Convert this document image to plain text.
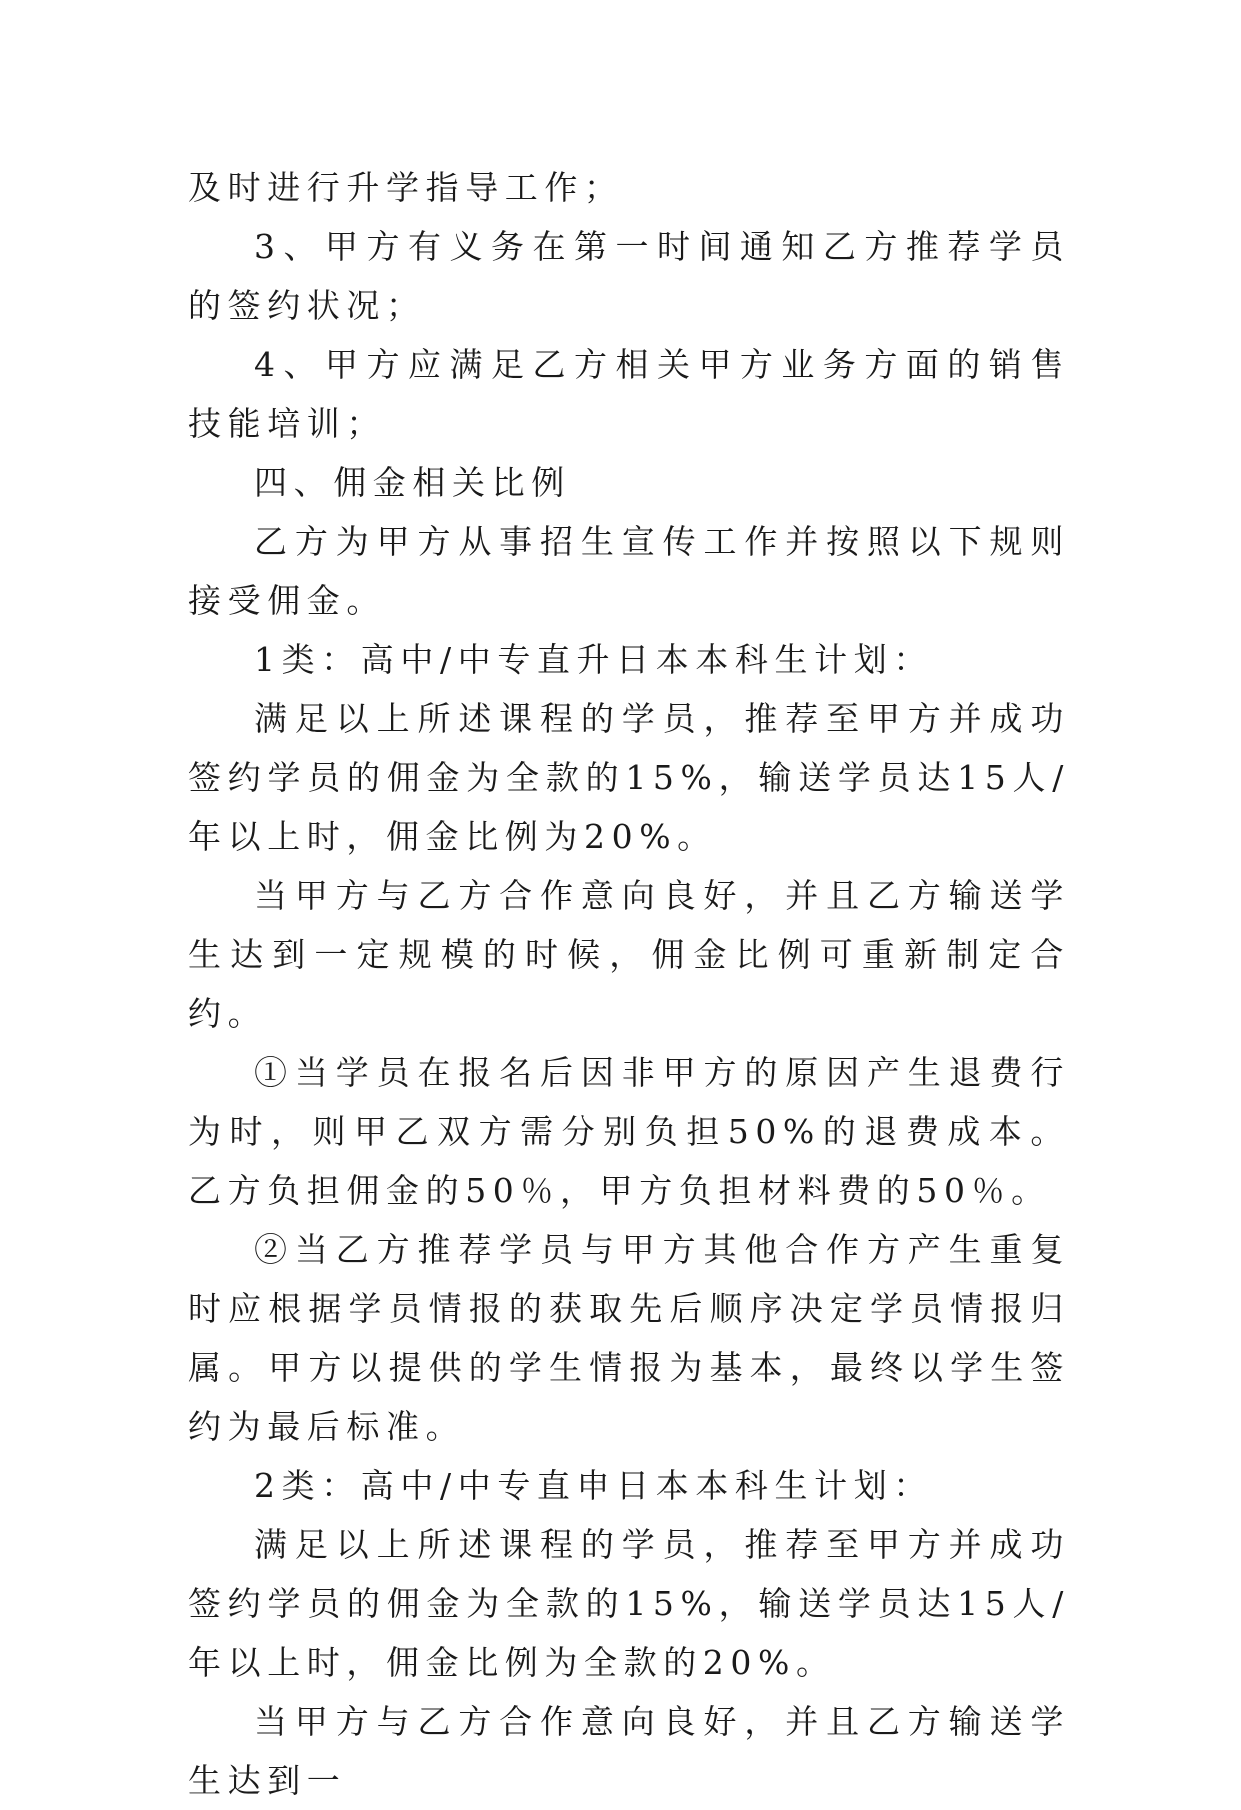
及时进行升学指导工作；

3、甲方有义务在第一时间通知乙方推荐学员的签约状况；

4、甲方应满足乙方相关甲方业务方面的销售技能培训；

四、佣金相关比例

乙方为甲方从事招生宣传工作并按照以下规则接受佣金。

1类：高中/中专直升日本本科生计划：

满足以上所述课程的学员，推荐至甲方并成功签约学员的佣金为全款的15%，输送学员达15人/年以上时，佣金比例为20%。

当甲方与乙方合作意向良好，并且乙方输送学生达到一定规模的时候，佣金比例可重新制定合约。

①当学员在报名后因非甲方的原因产生退费行为时，则甲乙双方需分别负担50%的退费成本。乙方负担佣金的50％，甲方负担材料费的50％。

②当乙方推荐学员与甲方其他合作方产生重复时应根据学员情报的获取先后顺序决定学员情报归属。甲方以提供的学生情报为基本，最终以学生签约为最后标准。

2类：高中/中专直申日本本科生计划：

满足以上所述课程的学员，推荐至甲方并成功签约学员的佣金为全款的15%，输送学员达15人/年以上时，佣金比例为全款的20%。

当甲方与乙方合作意向良好，并且乙方输送学生达到一
